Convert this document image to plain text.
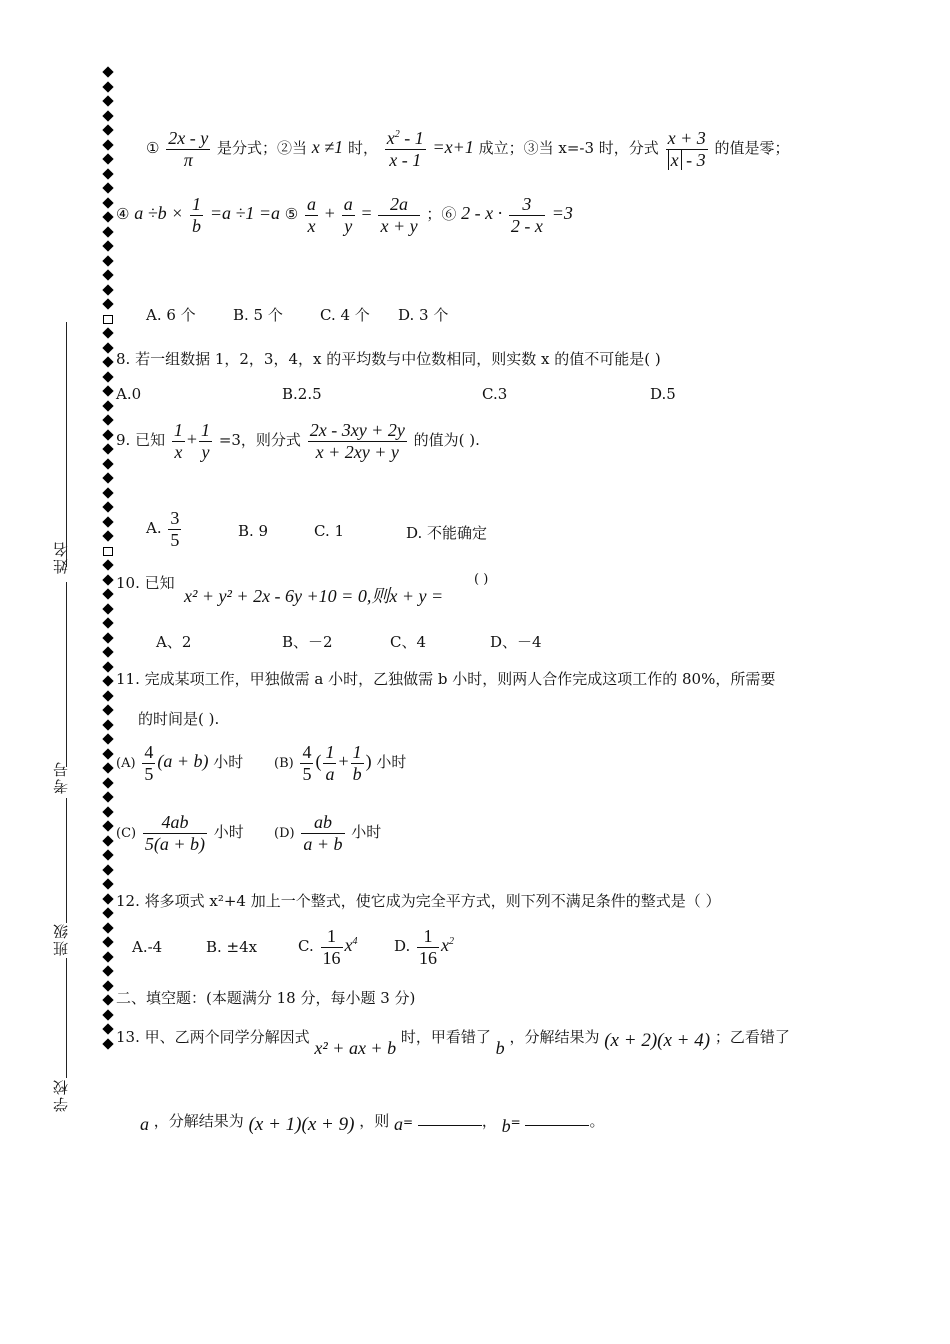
姓名
考号
班级
学校
① $\frac{2x - y}{\pi}$ 是分式；②当 x ≠1 时， $\frac{x^2 - 1}{x - 1} =x+1$ 成立；③当 x=-3 时，分式 $\frac{x + 3}{x - 3}$ 的值是零；
④ $a \div b \times \frac{1}{b} =a \div 1 =a$ ⑤ $\frac{a}{x} + \frac{a}{y} = \frac{2a}{x + y}$ ；⑥ $2 - x \cdot \frac{3}{2 - x} =3$
A. 6 个 B. 5 个 C. 4 个 D. 3 个
8. 若一组数据 1，2，3，4，x 的平均数与中位数相同，则实数 x 的值不可能是( )
A.0	B.2.5	C.3	D.5
9. 已知 $\frac{1}{x} + \frac{1}{y} =3$，则分式 $\frac{2x - 3xy + 2y}{x + 2xy + y}$ 的值为( ).
A. $\frac{3}{5}$	B. 9	C. 1	D. 不能确定
10. 已知
x² + y² + 2x - 6y +10 = 0,则x + y =
( )
A、2	B、－2	C、4	D、－4
11. 完成某项工作，甲独做需 a 小时，乙独做需 b 小时，则两人合作完成这项工作的 80%，所需要
的时间是( ).
$(A) \frac{4}{5} (a + b)$ 小时 $(B) \frac{4}{5}$ ( $\frac{1}{a} + \frac{1}{b}$ ) 小时
$(C) \frac{4ab}{5(a + b)}$ 小时 $(D) \frac{ab}{a + b}$ 小时
12. 将多项式 x²+4 加上一个整式，使它成为完全平方式，则下列不满足条件的整式是（ ）
A.-4	B. ±4x	C. $\frac{1}{16} x^4$ D. $\frac{1}{16} x^2$
二、填空题：(本题满分 18 分，每小题 3 分)
13. 甲、乙两个同学分解因式 x² + ax + b 时，甲看错了 b ，分解结果为 (x + 2)(x + 4) ；乙看错了
a ，分解结果为 (x + 1)(x + 9) ，则 a=	， b=	。
